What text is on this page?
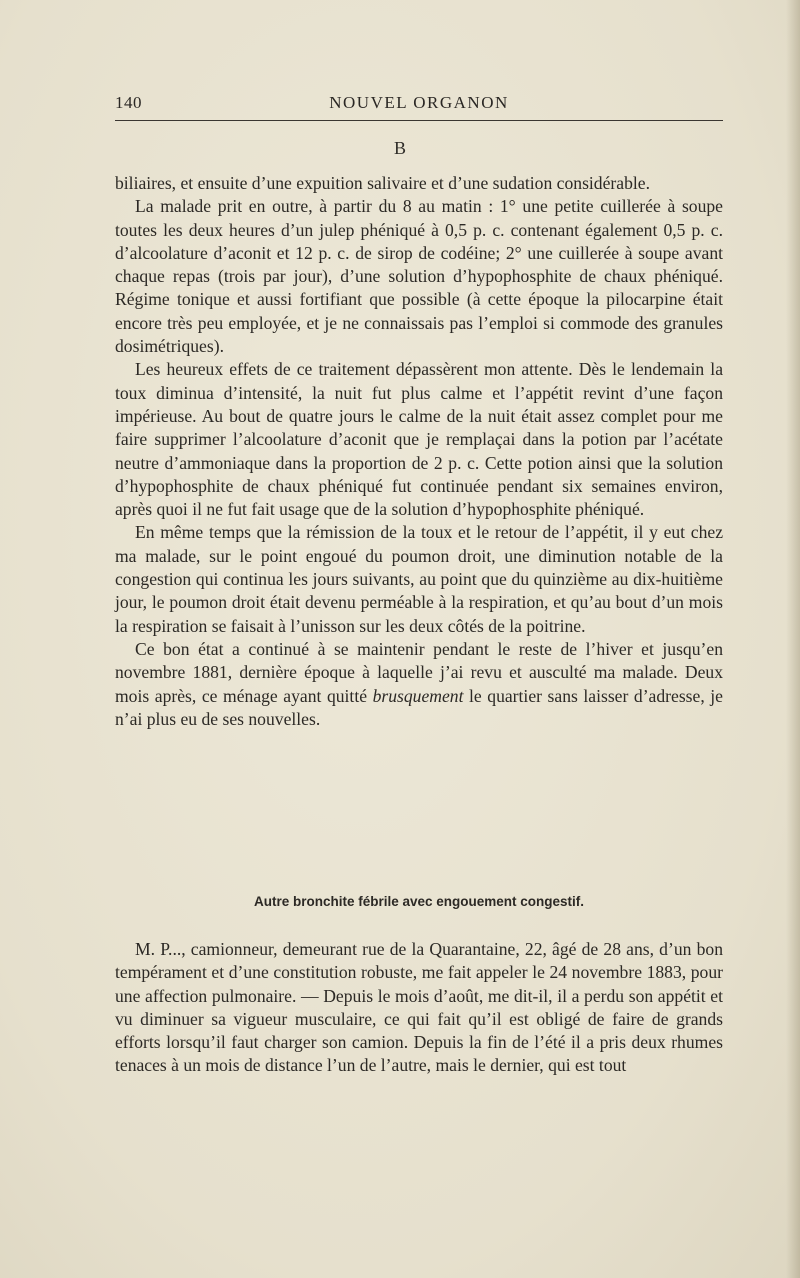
140	NOUVEL ORGANON
B

biliaires, et ensuite d’une expuition salivaire et d’une sudation considérable.

La malade prit en outre, à partir du 8 au matin : 1° une petite cuillerée à soupe toutes les deux heures d’un julep phéniqué à 0,5 p. c. contenant également 0,5 p. c. d’alcoolature d’aconit et 12 p. c. de sirop de codéine; 2° une cuillerée à soupe avant chaque repas (trois par jour), d’une solution d’hypophosphite de chaux phéniqué. Régime tonique et aussi fortifiant que possible (à cette époque la pilocarpine était encore très peu employée, et je ne connaissais pas l’emploi si commode des granules dosimétriques).

Les heureux effets de ce traitement dépassèrent mon attente. Dès le lendemain la toux diminua d’intensité, la nuit fut plus calme et l’appétit revint d’une façon impérieuse. Au bout de quatre jours le calme de la nuit était assez complet pour me faire supprimer l’alcoolature d’aconit que je remplaçai dans la potion par l’acétate neutre d’ammoniaque dans la proportion de 2 p. c. Cette potion ainsi que la solution d’hypophosphite de chaux phéniqué fut continuée pendant six semaines environ, après quoi il ne fut fait usage que de la solution d’hypophosphite phéniqué.

En même temps que la rémission de la toux et le retour de l’appétit, il y eut chez ma malade, sur le point engoué du poumon droit, une diminution notable de la congestion qui continua les jours suivants, au point que du quinzième au dix-huitième jour, le poumon droit était devenu perméable à la respiration, et qu’au bout d’un mois la respiration se faisait à l’unisson sur les deux côtés de la poitrine.

Ce bon état a continué à se maintenir pendant le reste de l’hiver et jusqu’en novembre 1881, dernière époque à laquelle j’ai revu et ausculté ma malade. Deux mois après, ce ménage ayant quitté brusquement le quartier sans laisser d’adresse, je n’ai plus eu de ses nouvelles.

Autre bronchite fébrile avec engouement congestif.

M. P..., camionneur, demeurant rue de la Quarantaine, 22, âgé de 28 ans, d’un bon tempérament et d’une constitution robuste, me fait appeler le 24 novembre 1883, pour une affection pulmonaire. — Depuis le mois d’août, me dit-il, il a perdu son appétit et vu diminuer sa vigueur musculaire, ce qui fait qu’il est obligé de faire de grands efforts lorsqu’il faut charger son camion. Depuis la fin de l’été il a pris deux rhumes tenaces à un mois de distance l’un de l’autre, mais le dernier, qui est tout
